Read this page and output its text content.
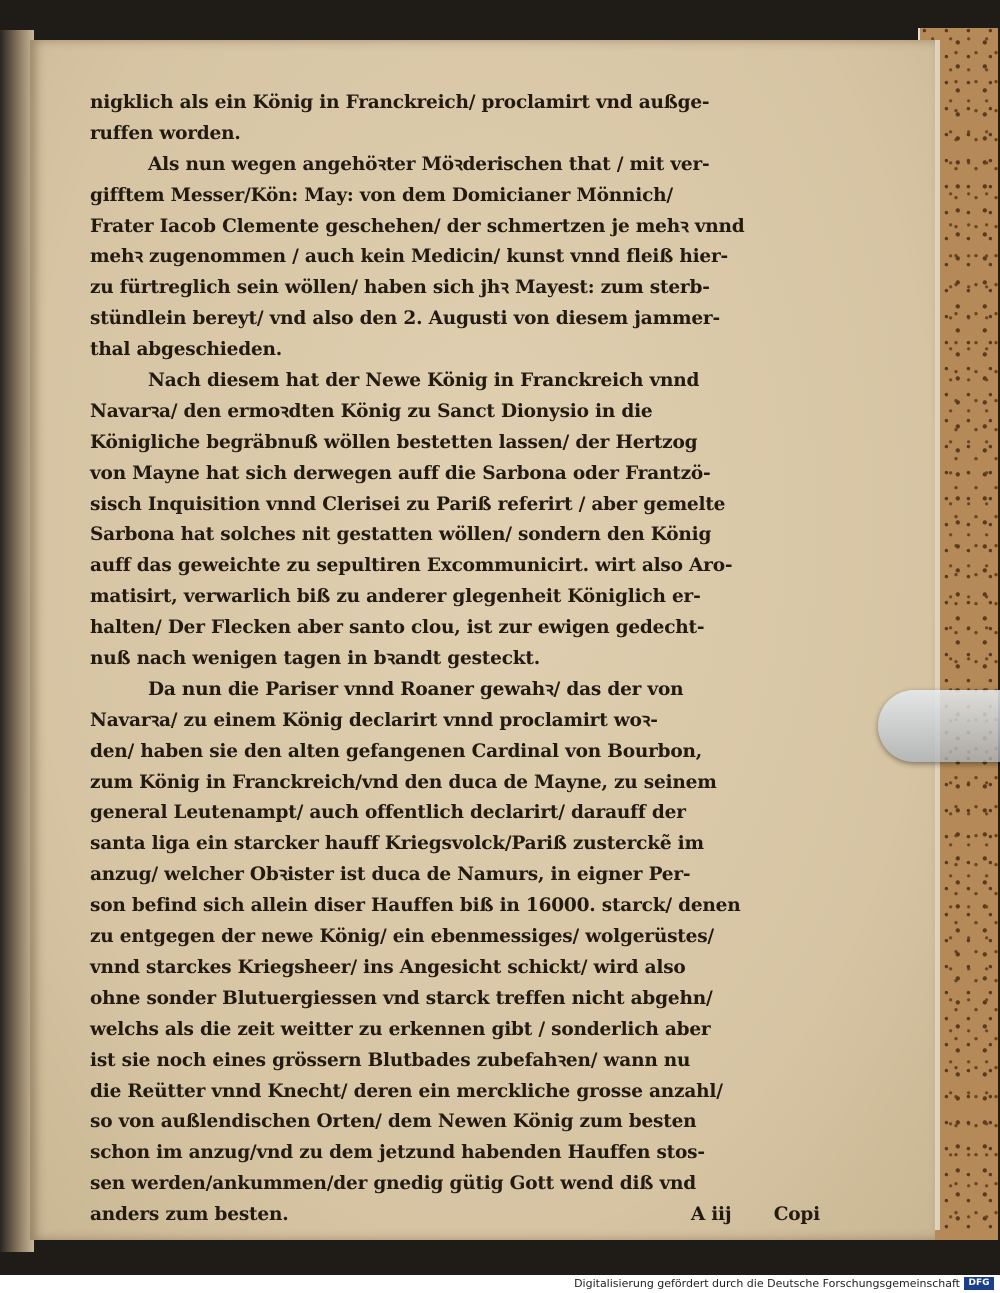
nigklich als ein König in Franckreich/ proclamirt vnd außge-
ruffen worden.
Als nun wegen angehöꝛter Möꝛderischen that / mit ver-
gifftem Messer/Kön: May: von dem Domicianer Mönnich/
Frater Iacob Clemente geschehen/ der schmertzen je mehꝛ vnnd
mehꝛ zugenommen / auch kein Medicin/ kunst vnnd fleiß hier-
zu fürtreglich sein wöllen/ haben sich jhꝛ Mayest: zum sterb-
stündlein bereyt/ vnd also den 2. Augusti von diesem jammer-
thal abgeschieden.
Nach diesem hat der Newe König in Franckreich vnnd
Navarꝛa/ den ermoꝛdten König zu Sanct Dionysio in die
Königliche begräbnuß wöllen bestetten lassen/ der Hertzog
von Mayne hat sich derwegen auff die Sarbona oder Frantzö-
sisch Inquisition vnnd Clerisei zu Pariß referirt / aber gemelte
Sarbona hat solches nit gestatten wöllen/ sondern den König
auff das geweichte zu sepultiren Excommunicirt. wirt also Aro-
matisirt, verwarlich biß zu anderer glegenheit Königlich er-
halten/ Der Flecken aber santo clou, ist zur ewigen gedecht-
nuß nach wenigen tagen in bꝛandt gesteckt.
Da nun die Pariser vnnd Roaner gewahꝛ/ das der von
Navarꝛa/ zu einem König declarirt vnnd proclamirt woꝛ-
den/ haben sie den alten gefangenen Cardinal von Bourbon,
zum König in Franckreich/vnd den duca de Mayne, zu seinem
general Leutenampt/ auch offentlich declarirt/ darauff der
santa liga ein starcker hauff Kriegsvolck/Pariß zusterckẽ im
anzug/ welcher Obꝛister ist duca de Namurs, in eigner Per-
son befind sich allein diser Hauffen biß in 16000. starck/ denen
zu entgegen der newe König/ ein ebenmessiges/ wolgerüstes/
vnnd starckes Kriegsheer/ ins Angesicht schickt/ wird also
ohne sonder Blutuergiessen vnd starck treffen nicht abgehn/
welchs als die zeit weitter zu erkennen gibt / sonderlich aber
ist sie noch eines grössern Blutbades zubefahꝛen/ wann nu
die Reütter vnnd Knecht/ deren ein merckliche grosse anzahl/
so von außlendischen Orten/ dem Newen König zum besten
schon im anzug/vnd zu dem jetzund habenden Hauffen stos-
sen werden/ankummen/der gnedig gütig Gott wend diß vnd
anders zum besten.	A iij Copi
Digitalisierung gefördert durch die Deutsche Forschungsgemeinschaft DFG
